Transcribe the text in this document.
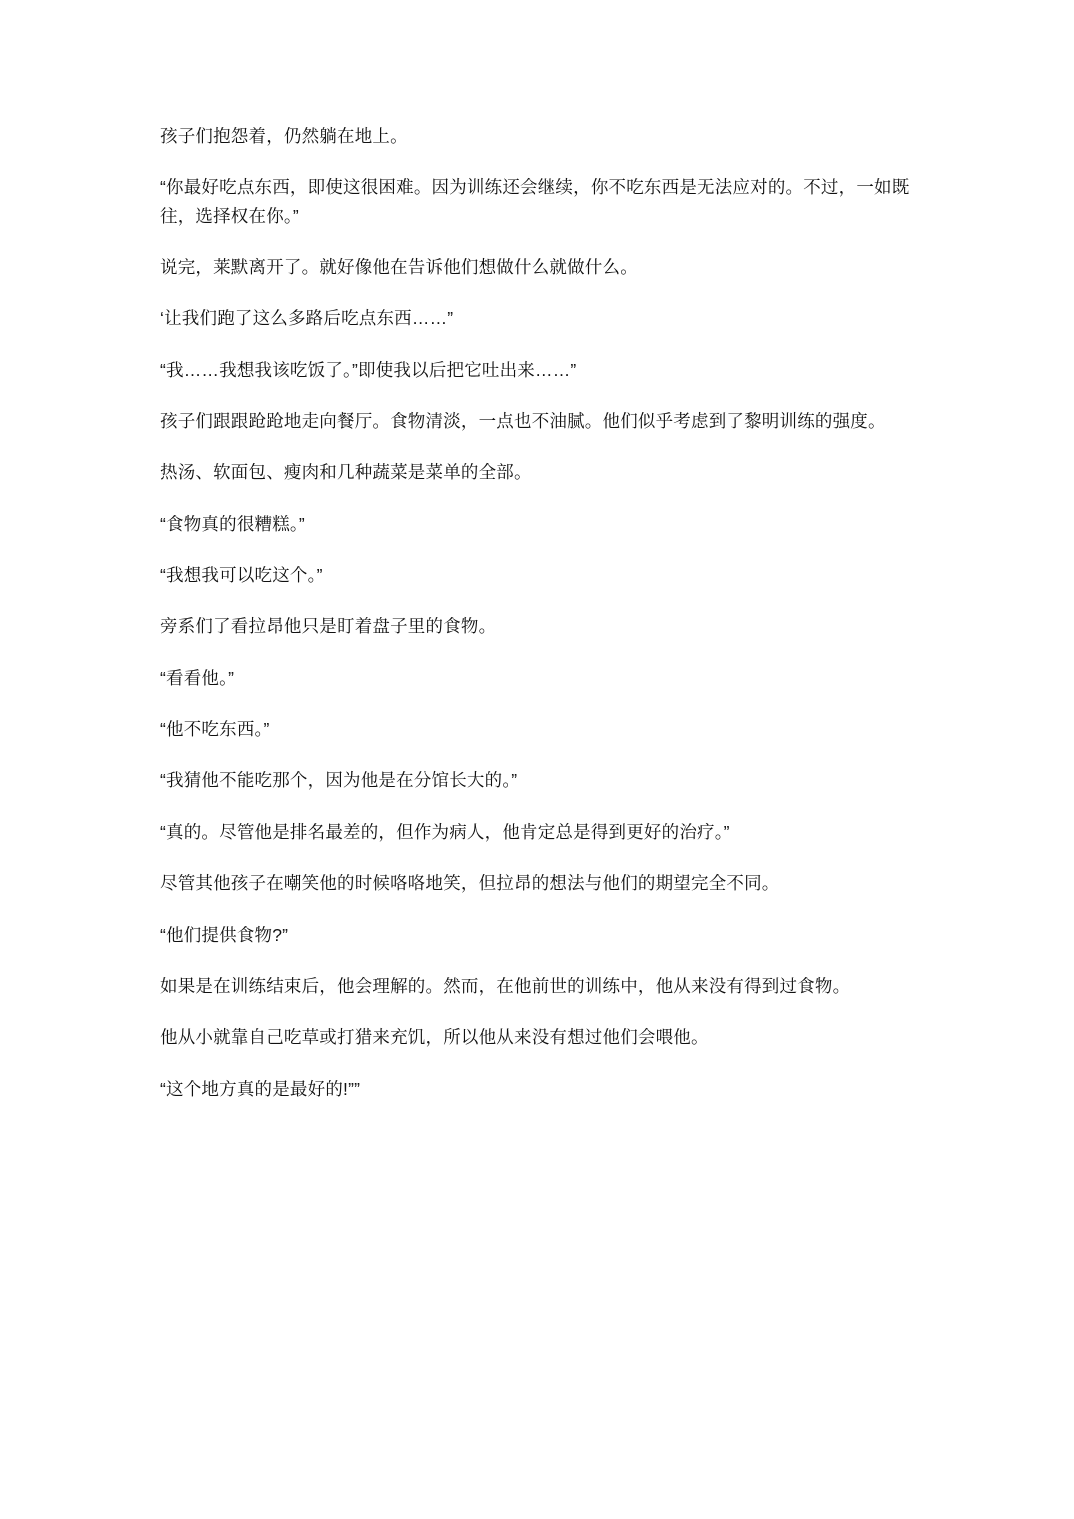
孩子们抱怨着，仍然躺在地上。

“你最好吃点东西，即使这很困难。因为训练还会继续，你不吃东西是无法应对的。不过，一如既往，选择权在你。”

说完，莱默离开了。就好像他在告诉他们想做什么就做什么。

‘让我们跑了这么多路后吃点东西……”

“我……我想我该吃饭了。”即使我以后把它吐出来……”

孩子们跟跟跄跄地走向餐厅。食物清淡，一点也不油腻。他们似乎考虑到了黎明训练的强度。

热汤、软面包、瘦肉和几种蔬菜是菜单的全部。

“食物真的很糟糕。”

“我想我可以吃这个。”

旁系们了看拉昂他只是盯着盘子里的食物。

“看看他。”

“他不吃东西。”

“我猜他不能吃那个，因为他是在分馆长大的。”

“真的。尽管他是排名最差的，但作为病人，他肯定总是得到更好的治疗。”

尽管其他孩子在嘲笑他的时候咯咯地笑，但拉昂的想法与他们的期望完全不同。

“他们提供食物?”

如果是在训练结束后，他会理解的。然而，在他前世的训练中，他从来没有得到过食物。

他从小就靠自己吃草或打猎来充饥，所以他从来没有想过他们会喂他。

“这个地方真的是最好的!””
